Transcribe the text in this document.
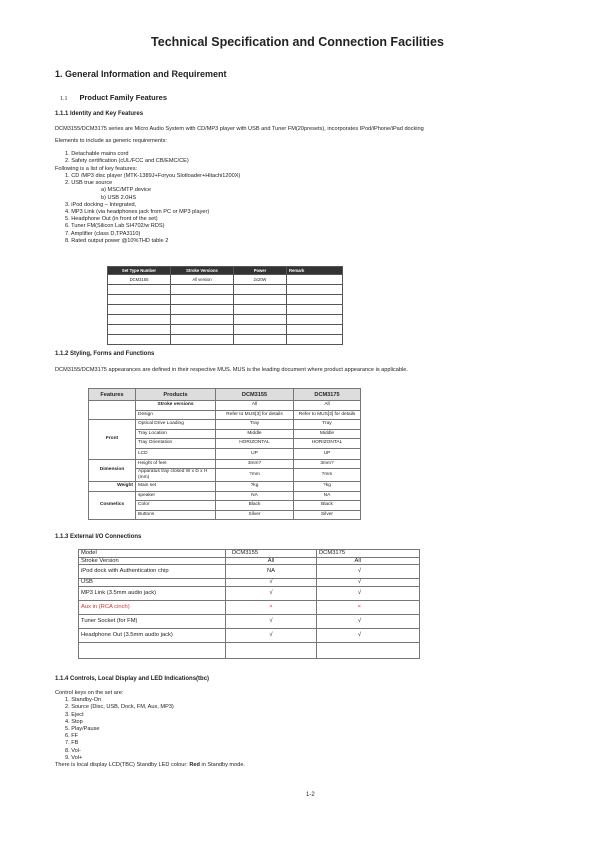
Technical Specification and Connection Facilities
1. General Information and Requirement
1.1 Product Family Features
1.1.1 Identity and Key Features
DCM3155/DCM3175 series are Micro Audio System with CD/MP3 player with USB and Tuner FM(20presets), incorporates IPod/iPhone/iPad docking
Elements to include as generic requirements:
1. Detachable mains cord
2. Safety certification (cUL/FCC and CB/EMC/CE)
Following is a list of key features:
1. CD /MP3 disc player (MTK-1389J+Foryou Slotloader+Hitachi1200X)
2. USB true source
a) MSC/MTP device
b) USB 2.0HS
3. iPod docking – Integrated,
4. MP3 Link (via headphones jack from PC or MP3 player)
5. Headphone Out (in front of the set)
6. Tuner FM(Silicon Lab SI4702/w RDS)
7. Amplifier (class D,TPA3110)
8. Rated output power @10%THD table 2
Set Type Number	Stroke Versions	Power	Remark
DCM3155	All version	2x20W	

1.1.2 Styling, Forms and Functions
DCM3155/DCM3175 appearances are defined in their respective MUS. MUS is the leading document where product appearance is applicable.
Features	Products	DCM3155	DCM3175
	Stroke versions	All	All
	Design	Refer to MUS[3] for details	Refer to MUS[3] for details
Front	Optical Drive Loading	Tray	Tray
	Tray Location	Middle	Middle
	Tray Orientation	HORIZONTAL	HORIZONTAL
	LCD	UP	UP
Dimension	Height of feet	3mm?	3mm?
	Apparatus tray closed W x D x H (mm)	?mm	?mm
Weight	Main set	?kg	?kg
Cosmetics	speaker	NA	NA
	Color	Black	Black
	Buttons	Silver	Silver
1.1.3 External I/O Connections
Model	DCM3155	DCM3175
Stroke Version	All	All
iPod dock with Authentication chip	NA	√
USB	√	√
MP3 Link (3.5mm audio jack)	√	√
Aux in (RCA cinch)	×	×
Tuner Socket (for FM)	√	√
Headphone Out (3.5mm audio jack)	√	√

1.1.4 Controls, Local Display and LED Indications(tbc)
Control keys on the set are:
1. Standby-On
2. Source (Disc, USB, Dock, FM, Aux, MP3)
3. Eject
4. Stop
5. Play/Pause
6. FF
7. FB
8. Vol-
9. Vol+
There is local display LCD(TBC) Standby LED colour: Red in Standby mode.
1-2
